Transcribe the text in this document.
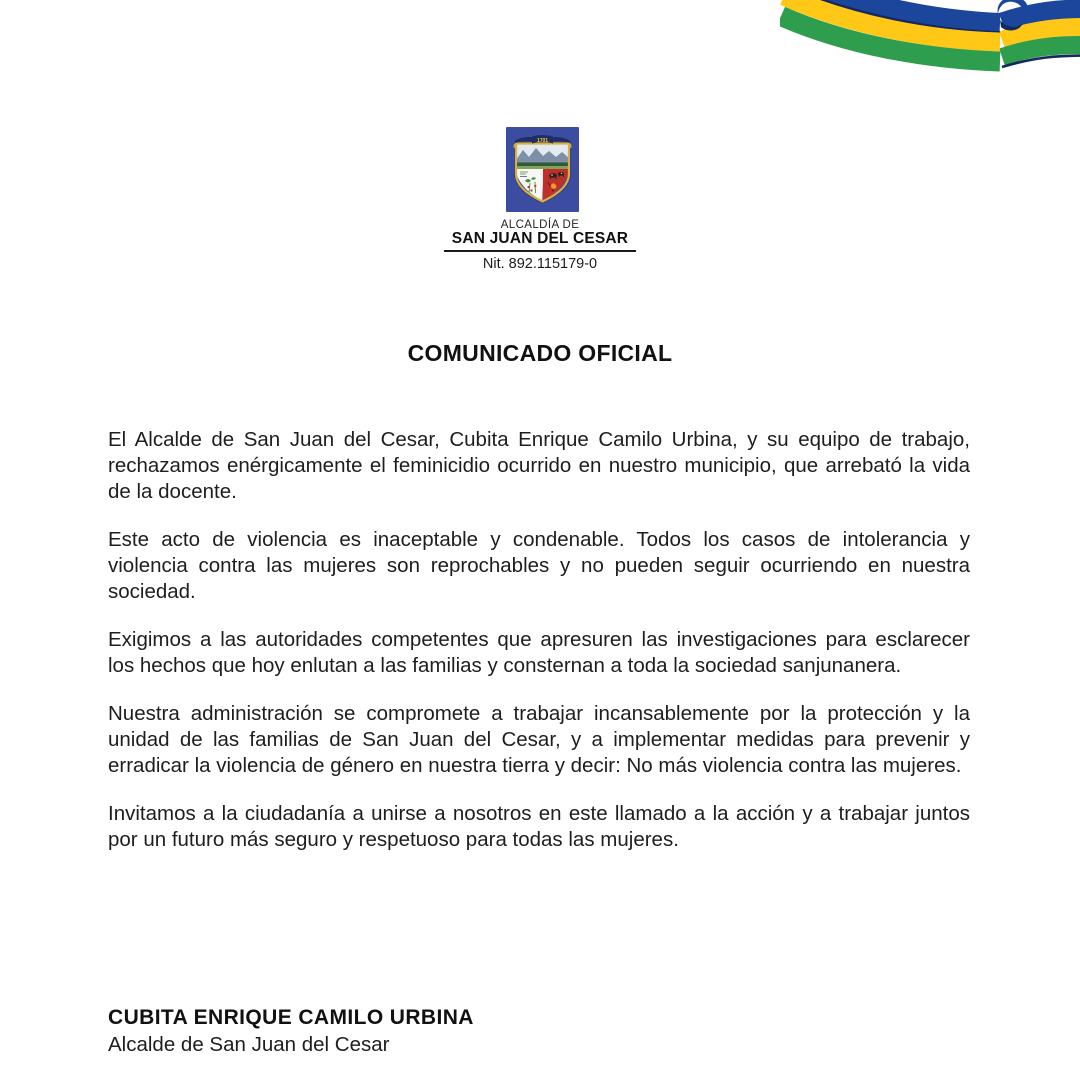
1701
ALCALDÍA DE
SAN JUAN DEL CESAR
Nit. 892.115179-0
COMUNICADO OFICIAL

El Alcalde de San Juan del Cesar, Cubita Enrique Camilo Urbina, y su equipo de trabajo, rechazamos enérgicamente el feminicidio ocurrido en nuestro municipio, que arrebató la vida de la docente.

Este acto de violencia es inaceptable y condenable. Todos los casos de intolerancia y violencia contra las mujeres son reprochables y no pueden seguir ocurriendo en nuestra sociedad.

Exigimos a las autoridades competentes que apresuren las investigaciones para esclarecer los hechos que hoy enlutan a las familias y consternan a toda la sociedad sanjunanera.

Nuestra administración se compromete a trabajar incansablemente por la protección y la unidad de las familias de San Juan del Cesar, y a implementar medidas para prevenir y erradicar la violencia de género en nuestra tierra y decir: No más violencia contra las mujeres.

Invitamos a la ciudadanía a unirse a nosotros en este llamado a la acción y a trabajar juntos por un futuro más seguro y respetuoso para todas las mujeres.

CUBITA ENRIQUE CAMILO URBINA
Alcalde de San Juan del Cesar
